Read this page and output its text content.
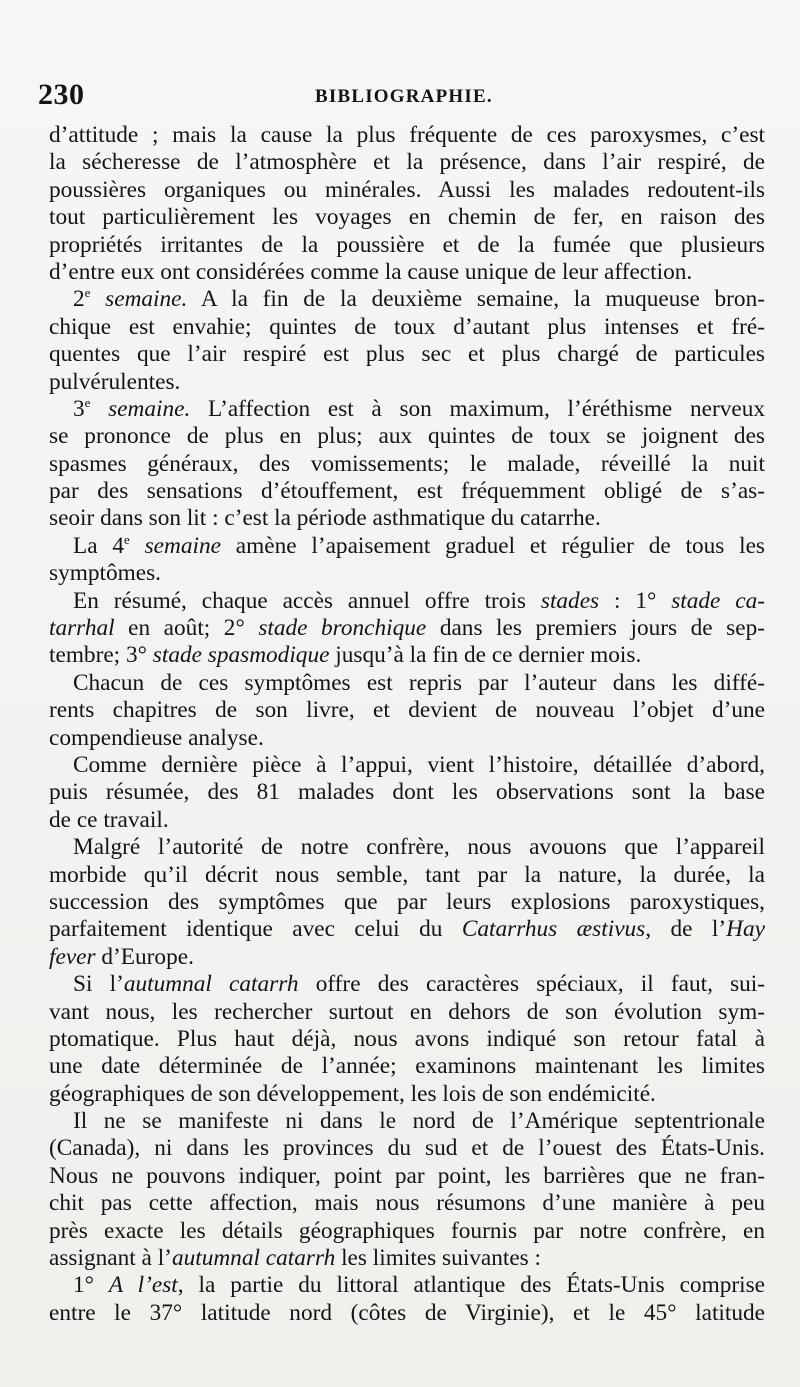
230	BIBLIOGRAPHIE.
d’attitude ; mais la cause la plus fréquente de ces paroxysmes, c’est
la sécheresse de l’atmosphère et la présence, dans l’air respiré, de
poussières organiques ou minérales. Aussi les malades redoutent-ils
tout particulièrement les voyages en chemin de fer, en raison des
propriétés irritantes de la poussière et de la fumée que plusieurs
d’entre eux ont considérées comme la cause unique de leur affection.
2e semaine. A la fin de la deuxième semaine, la muqueuse bron-
chique est envahie; quintes de toux d’autant plus intenses et fré-
quentes que l’air respiré est plus sec et plus chargé de particules
pulvérulentes.
3e semaine. L’affection est à son maximum, l’éréthisme nerveux
se prononce de plus en plus; aux quintes de toux se joignent des
spasmes généraux, des vomissements; le malade, réveillé la nuit
par des sensations d’étouffement, est fréquemment obligé de s’as-
seoir dans son lit : c’est la période asthmatique du catarrhe.
La 4e semaine amène l’apaisement graduel et régulier de tous les
symptômes.
En résumé, chaque accès annuel offre trois stades : 1° stade ca-
tarrhal en août; 2° stade bronchique dans les premiers jours de sep-
tembre; 3° stade spasmodique jusqu’à la fin de ce dernier mois.
Chacun de ces symptômes est repris par l’auteur dans les diffé-
rents chapitres de son livre, et devient de nouveau l’objet d’une
compendieuse analyse.
Comme dernière pièce à l’appui, vient l’histoire, détaillée d’abord,
puis résumée, des 81 malades dont les observations sont la base
de ce travail.
Malgré l’autorité de notre confrère, nous avouons que l’appareil
morbide qu’il décrit nous semble, tant par la nature, la durée, la
succession des symptômes que par leurs explosions paroxystiques,
parfaitement identique avec celui du Catarrhus æstivus, de l’Hay
fever d’Europe.
Si l’autumnal catarrh offre des caractères spéciaux, il faut, sui-
vant nous, les rechercher surtout en dehors de son évolution sym-
ptomatique. Plus haut déjà, nous avons indiqué son retour fatal à
une date déterminée de l’année; examinons maintenant les limites
géographiques de son développement, les lois de son endémicité.
Il ne se manifeste ni dans le nord de l’Amérique septentrionale
(Canada), ni dans les provinces du sud et de l’ouest des États-Unis.
Nous ne pouvons indiquer, point par point, les barrières que ne fran-
chit pas cette affection, mais nous résumons d’une manière à peu
près exacte les détails géographiques fournis par notre confrère, en
assignant à l’autumnal catarrh les limites suivantes :
1° A l’est, la partie du littoral atlantique des États-Unis comprise
entre le 37° latitude nord (côtes de Virginie), et le 45° latitude
